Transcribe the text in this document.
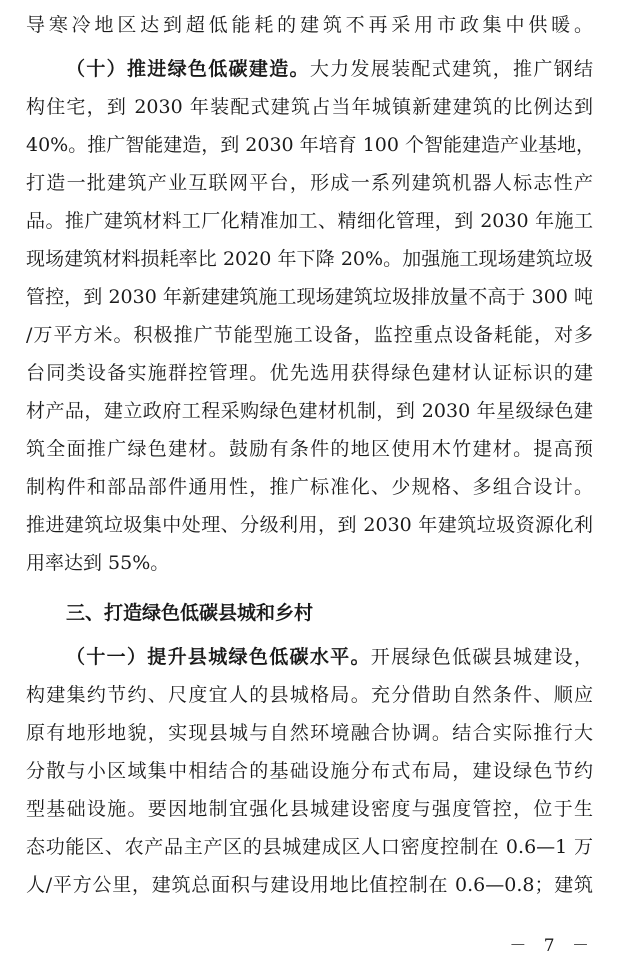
导寒冷地区达到超低能耗的建筑不再采用市政集中供暖。
（十）推进绿色低碳建造。大力发展装配式建筑，推广钢结
构住宅，到 2030 年装配式建筑占当年城镇新建建筑的比例达到
40%。推广智能建造，到 2030 年培育 100 个智能建造产业基地，
打造一批建筑产业互联网平台，形成一系列建筑机器人标志性产
品。推广建筑材料工厂化精准加工、精细化管理，到 2030 年施工
现场建筑材料损耗率比 2020 年下降 20%。加强施工现场建筑垃圾
管控，到 2030 年新建建筑施工现场建筑垃圾排放量不高于 300 吨
/万平方米。积极推广节能型施工设备，监控重点设备耗能，对多
台同类设备实施群控管理。优先选用获得绿色建材认证标识的建
材产品，建立政府工程采购绿色建材机制，到 2030 年星级绿色建
筑全面推广绿色建材。鼓励有条件的地区使用木竹建材。提高预
制构件和部品部件通用性，推广标准化、少规格、多组合设计。
推进建筑垃圾集中处理、分级利用，到 2030 年建筑垃圾资源化利
用率达到 55%。
三、打造绿色低碳县城和乡村
（十一）提升县城绿色低碳水平。开展绿色低碳县城建设，
构建集约节约、尺度宜人的县城格局。充分借助自然条件、顺应
原有地形地貌，实现县城与自然环境融合协调。结合实际推行大
分散与小区域集中相结合的基础设施分布式布局，建设绿色节约
型基础设施。要因地制宜强化县城建设密度与强度管控，位于生
态功能区、农产品主产区的县城建成区人口密度控制在 0.6—1 万
人/平方公里，建筑总面积与建设用地比值控制在 0.6—0.8；建筑
－ 7 －
